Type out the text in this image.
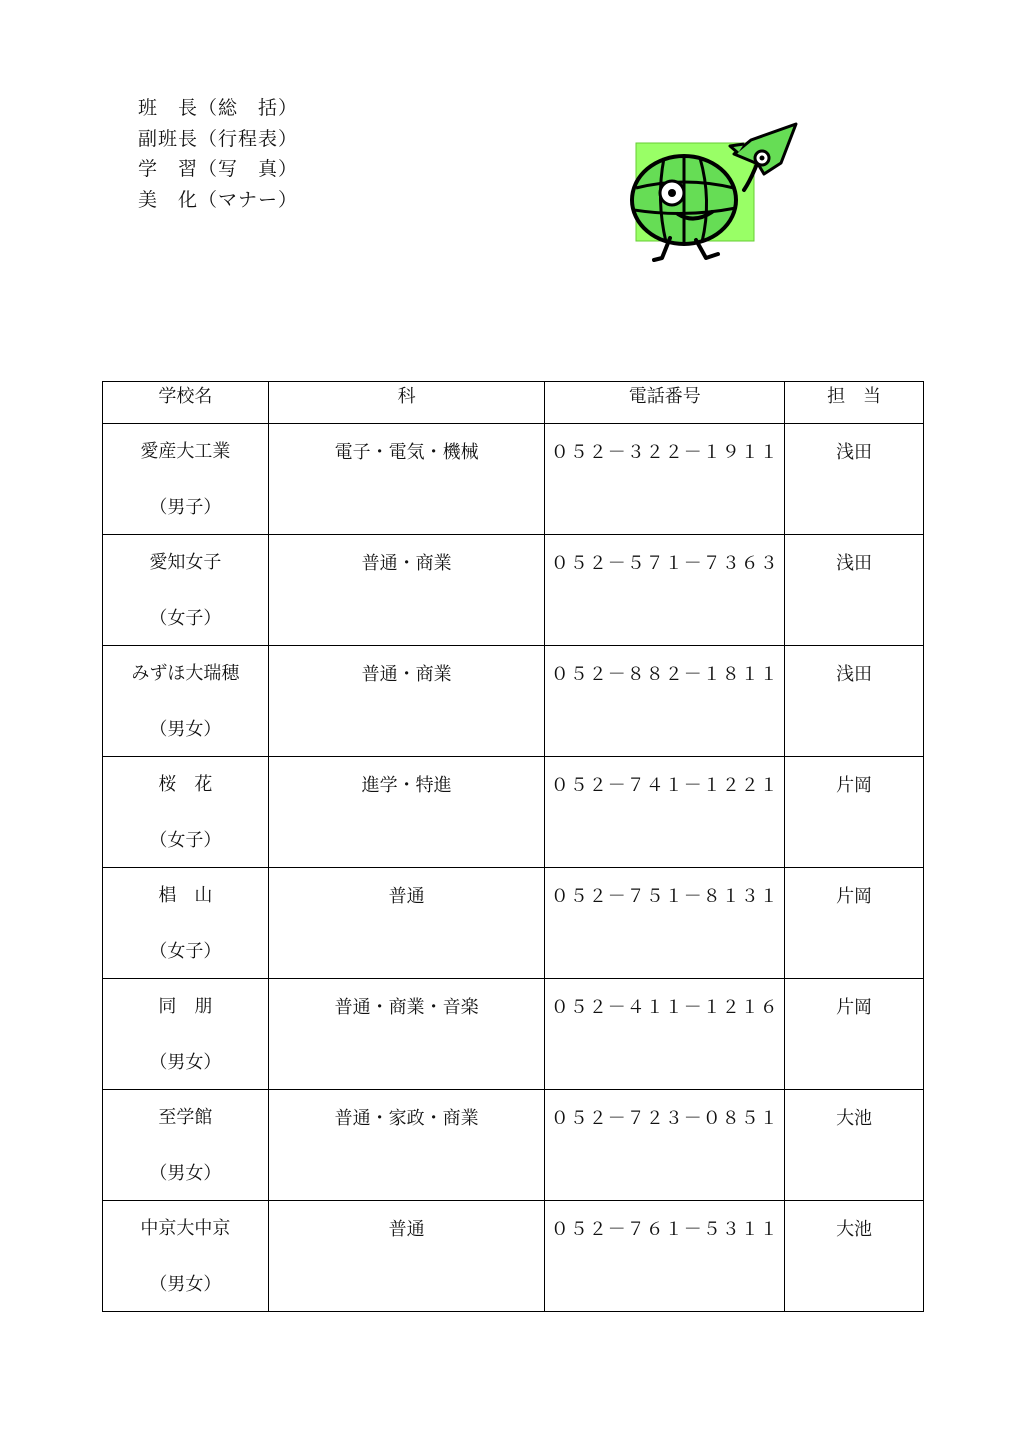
班　長（総　括）
副班長（行程表）
学　習（写　真）
美　化（マナー）
学校名	科	電話番号	担　当

愛産大工業
（男子）	電子・電気・機械	０５２－３２２－１９１１	浅田

愛知女子
（女子）	普通・商業	０５２－５７１－７３６３	浅田

みずほ大瑞穂
（男女）	普通・商業	０５２－８８２－１８１１	浅田

桜　花
（女子）	進学・特進	０５２－７４１－１２２１	片岡

椙　山
（女子）	普通	０５２－７５１－８１３１	片岡

同　朋
（男女）	普通・商業・音楽	０５２－４１１－１２１６	片岡

至学館
（男女）	普通・家政・商業	０５２－７２３－０８５１	大池

中京大中京
（男女）	普通	０５２－７６１－５３１１	大池
